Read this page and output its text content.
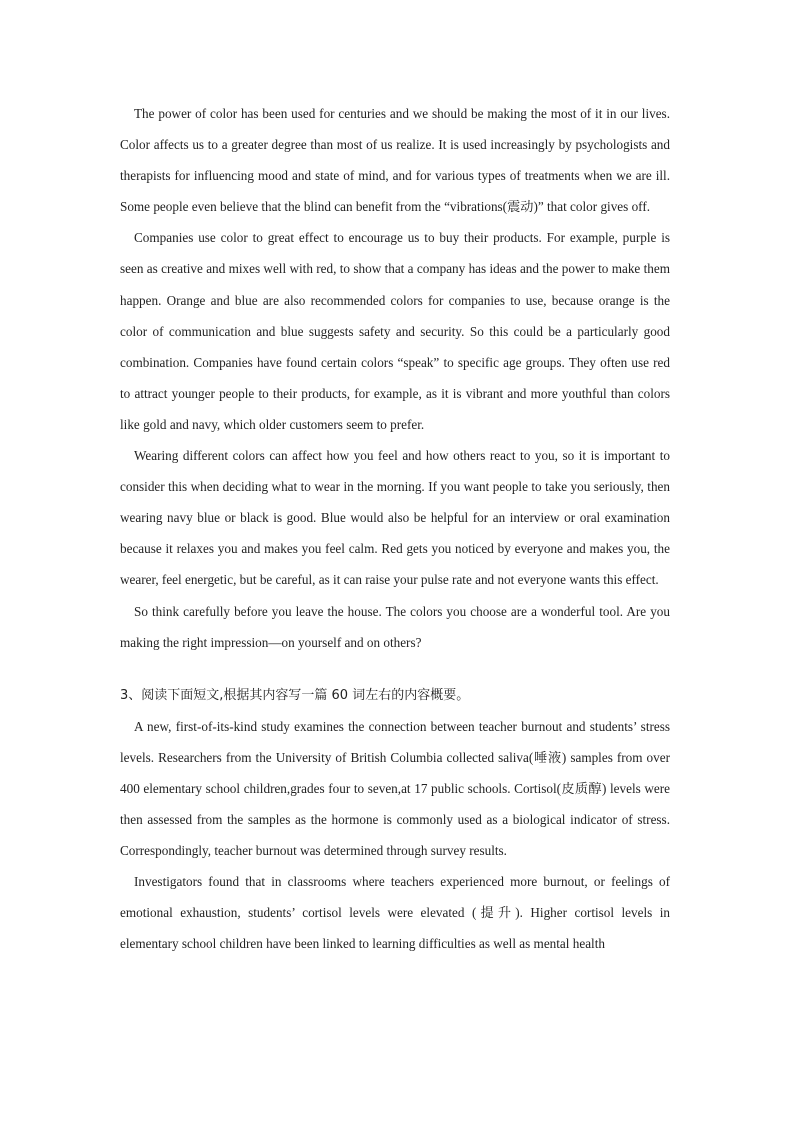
The power of color has been used for centuries and we should be making the most of it in our lives. Color affects us to a greater degree than most of us realize. It is used increasingly by psychologists and therapists for influencing mood and state of mind, and for various types of treatments when we are ill. Some people even believe that the blind can benefit from the “vibrations(震动)” that color gives off.

Companies use color to great effect to encourage us to buy their products. For example, purple is seen as creative and mixes well with red, to show that a company has ideas and the power to make them happen. Orange and blue are also recommended colors for companies to use, because orange is the color of communication and blue suggests safety and security. So this could be a particularly good combination. Companies have found certain colors “speak” to specific age groups. They often use red to attract younger people to their products, for example, as it is vibrant and more youthful than colors like gold and navy, which older customers seem to prefer.

Wearing different colors can affect how you feel and how others react to you, so it is important to consider this when deciding what to wear in the morning. If you want people to take you seriously, then wearing navy blue or black is good. Blue would also be helpful for an interview or oral examination because it relaxes you and makes you feel calm. Red gets you noticed by everyone and makes you, the wearer, feel energetic, but be careful, as it can raise your pulse rate and not everyone wants this effect.

So think carefully before you leave the house. The colors you choose are a wonderful tool. Are you making the right impression—on yourself and on others?

3、阅读下面短文,根据其内容写一篇 60 词左右的内容概要。

A new, first-of-its-kind study examines the connection between teacher burnout and students’ stress levels. Researchers from the University of British Columbia collected saliva(唾液) samples from over 400 elementary school children,grades four to seven,at 17 public schools. Cortisol(皮质醇) levels were then assessed from the samples as the hormone is commonly used as a biological indicator of stress. Correspondingly, teacher burnout was determined through survey results.

Investigators found that in classrooms where teachers experienced more burnout, or feelings of emotional exhaustion, students’ cortisol levels were elevated (提升). Higher cortisol levels in elementary school children have been linked to learning difficulties as well as mental health
